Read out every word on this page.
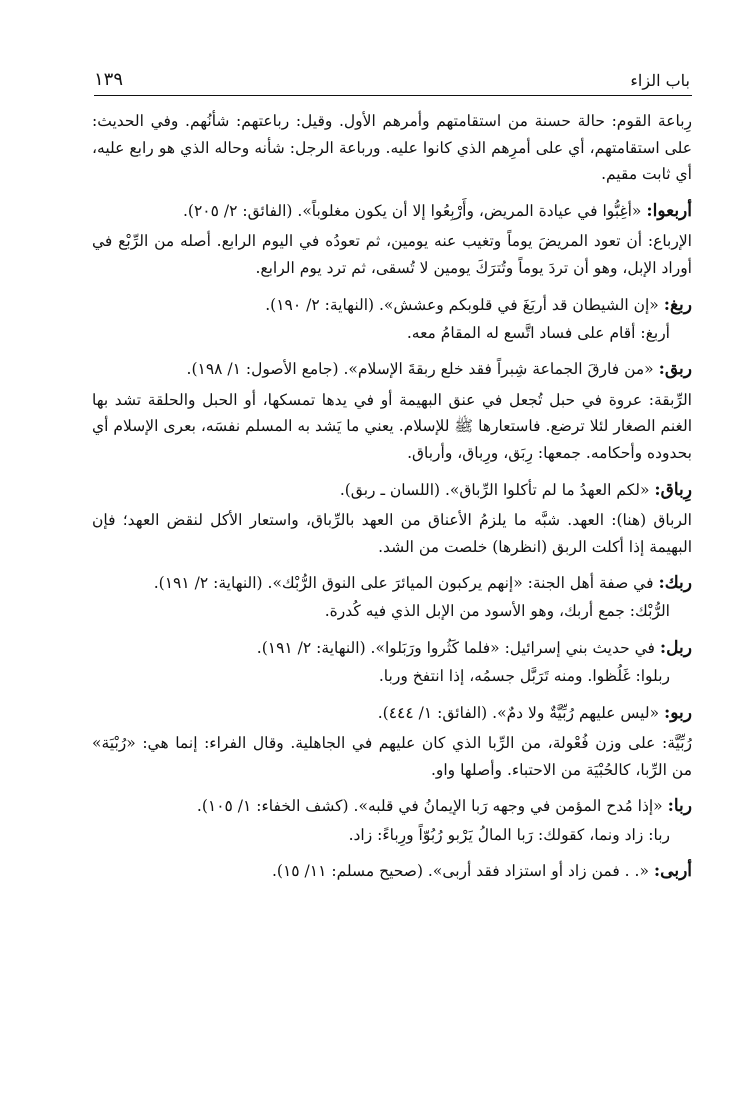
باب الزاء
١٣٩

رِباعة القوم: حالة حسنة من استقامتهم وأمرهم الأول. وقيل: رباعتهم: شأنُهم. وفي الحديث: على استقامتهم، أي على أمرِهم الذي كانوا عليه. ورباعة الرجل: شأنه وحاله الذي هو رابع عليه، أي ثابت مقيم.

أربعوا: «أغِبُّوا في عيادة المريض، وأَرْبِعُوا إلا أن يكون مغلوباً». (الفائق: ٢/ ٢٠٥).

الإرباع: أن تعود المريضَ يوماً وتغيب عنه يومين، ثم تعودُه في اليوم الرابع. أصله من الرِّبْع في أوراد الإبل، وهو أن تردَ يوماً وتُترَكَ يومين لا تُسقى، ثم ترد يوم الرابع.

ربغ: «إن الشيطان قد أربَغَ في قلوبكم وعشش». (النهاية: ٢/ ١٩٠).

أربغ: أقام على فساد اتَّسع له المقامُ معه.

ربق: «من فارقَ الجماعة شِبراً فقد خلع ربقةَ الإسلام». (جامع الأصول: ١/ ١٩٨).

الرِّبقة: عروة في حبل تُجعل في عنق البهيمة أو في يدها تمسكها، أو الحبل والحلقة تشد بها الغنم الصغار لئلا ترضع. فاستعارها ﷺ للإسلام. يعني ما يَشد به المسلم نفسَه، بعرى الإسلام أي بحدوده وأحكامه. جمعها: رِبَق، ورِباق، وأرباق.

رِباق: «لكم العهدُ ما لم تأكلوا الرِّباق». (اللسان ـ ربق).

الرباق (هنا): العهد. شبَّه ما يلزمُ الأعناق من العهد بالرِّباق، واستعار الأكل لنقض العهد؛ فإن البهيمة إذا أكلت الربق (انظرها) خلصت من الشد.

ربك: في صفة أهل الجنة: «إنهم يركبون الميائرَ على النوق الرُّبْك». (النهاية: ٢/ ١٩١).

الرُّبْك: جمع أربك، وهو الأسود من الإبل الذي فيه كُدرة.

ربل: في حديث بني إسرائيل: «فلما كَثُروا ورَبَلوا». (النهاية: ٢/ ١٩١).

ربلوا: غَلُظوا. ومنه تَرَبَّل جسمُه، إذا انتفخ وربا.

ربو: «ليس عليهم رُبِّيَّةٌ ولا دمٌ». (الفائق: ١/ ٤٤٤).

رُبِّيَّة: على وزن فُعْولة، من الرِّبا الذي كان عليهم في الجاهلية. وقال الفراء: إنما هي: «رُبْيَة» من الرِّبا، كالحُبْيَة من الاحتباء. وأصلها واو.

ربا: «إذا مُدح المؤمن في وجهه رَبا الإيمانُ في قلبه». (كشف الخفاء: ١/ ١٠٥).

ربا: زاد ونما، كقولك: رَبا المالُ يَرْبو رُبُوّاً ورِباءً: زاد.

أربى: «. . فمن زاد أو استزاد فقد أربى». (صحيح مسلم: ١١/ ١٥).
